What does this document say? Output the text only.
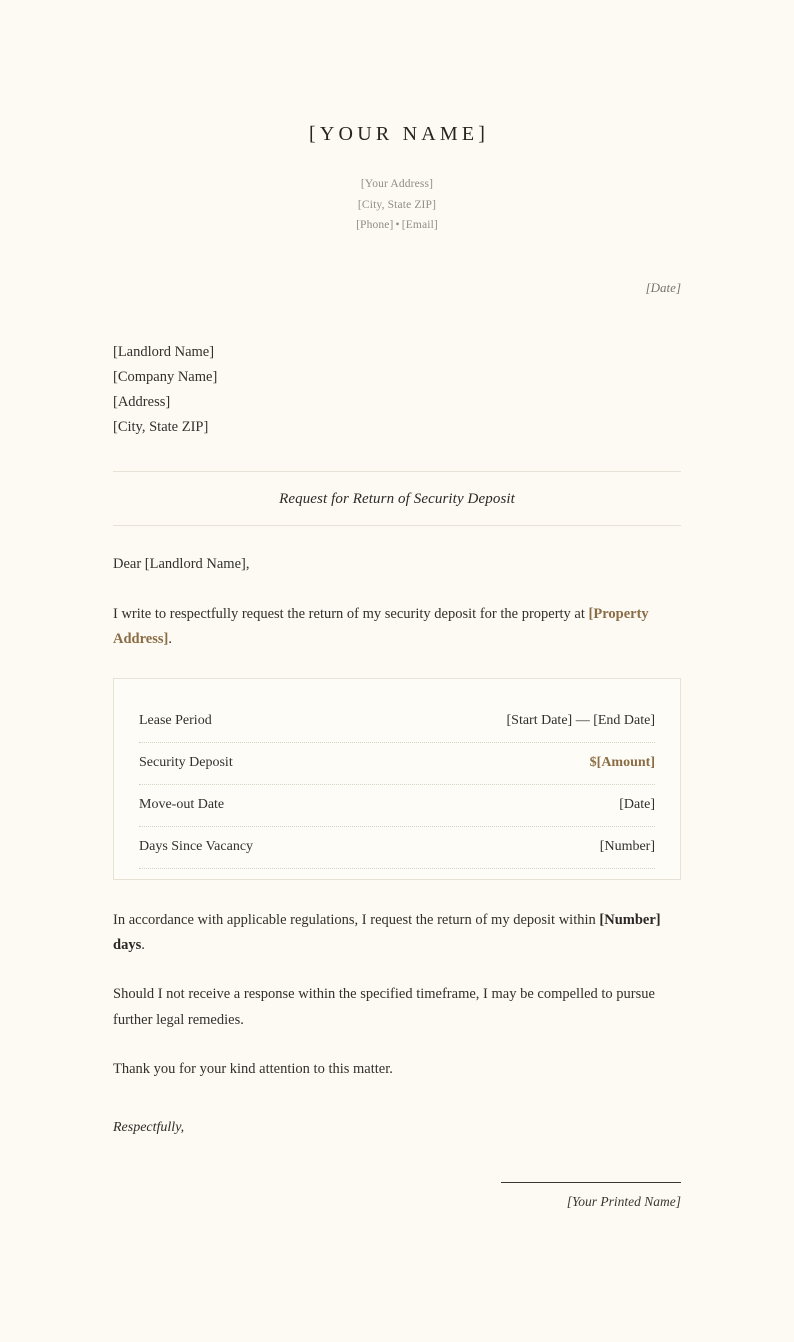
[YOUR NAME]
[Your Address]
[City, State ZIP]
[Phone] • [Email]
[Date]
[Landlord Name]
[Company Name]
[Address]
[City, State ZIP]
Request for Return of Security Deposit

Dear [Landlord Name],

I write to respectfully request the return of my security deposit for the property at [Property Address].

Lease Period	[Start Date] — [End Date]
Security Deposit	$[Amount]
Move-out Date	[Date]
Days Since Vacancy	[Number]

In accordance with applicable regulations, I request the return of my deposit within [Number] days.

Should I not receive a response within the specified timeframe, I may be compelled to pursue further legal remedies.

Thank you for your kind attention to this matter.

Respectfully,
[Your Printed Name]
